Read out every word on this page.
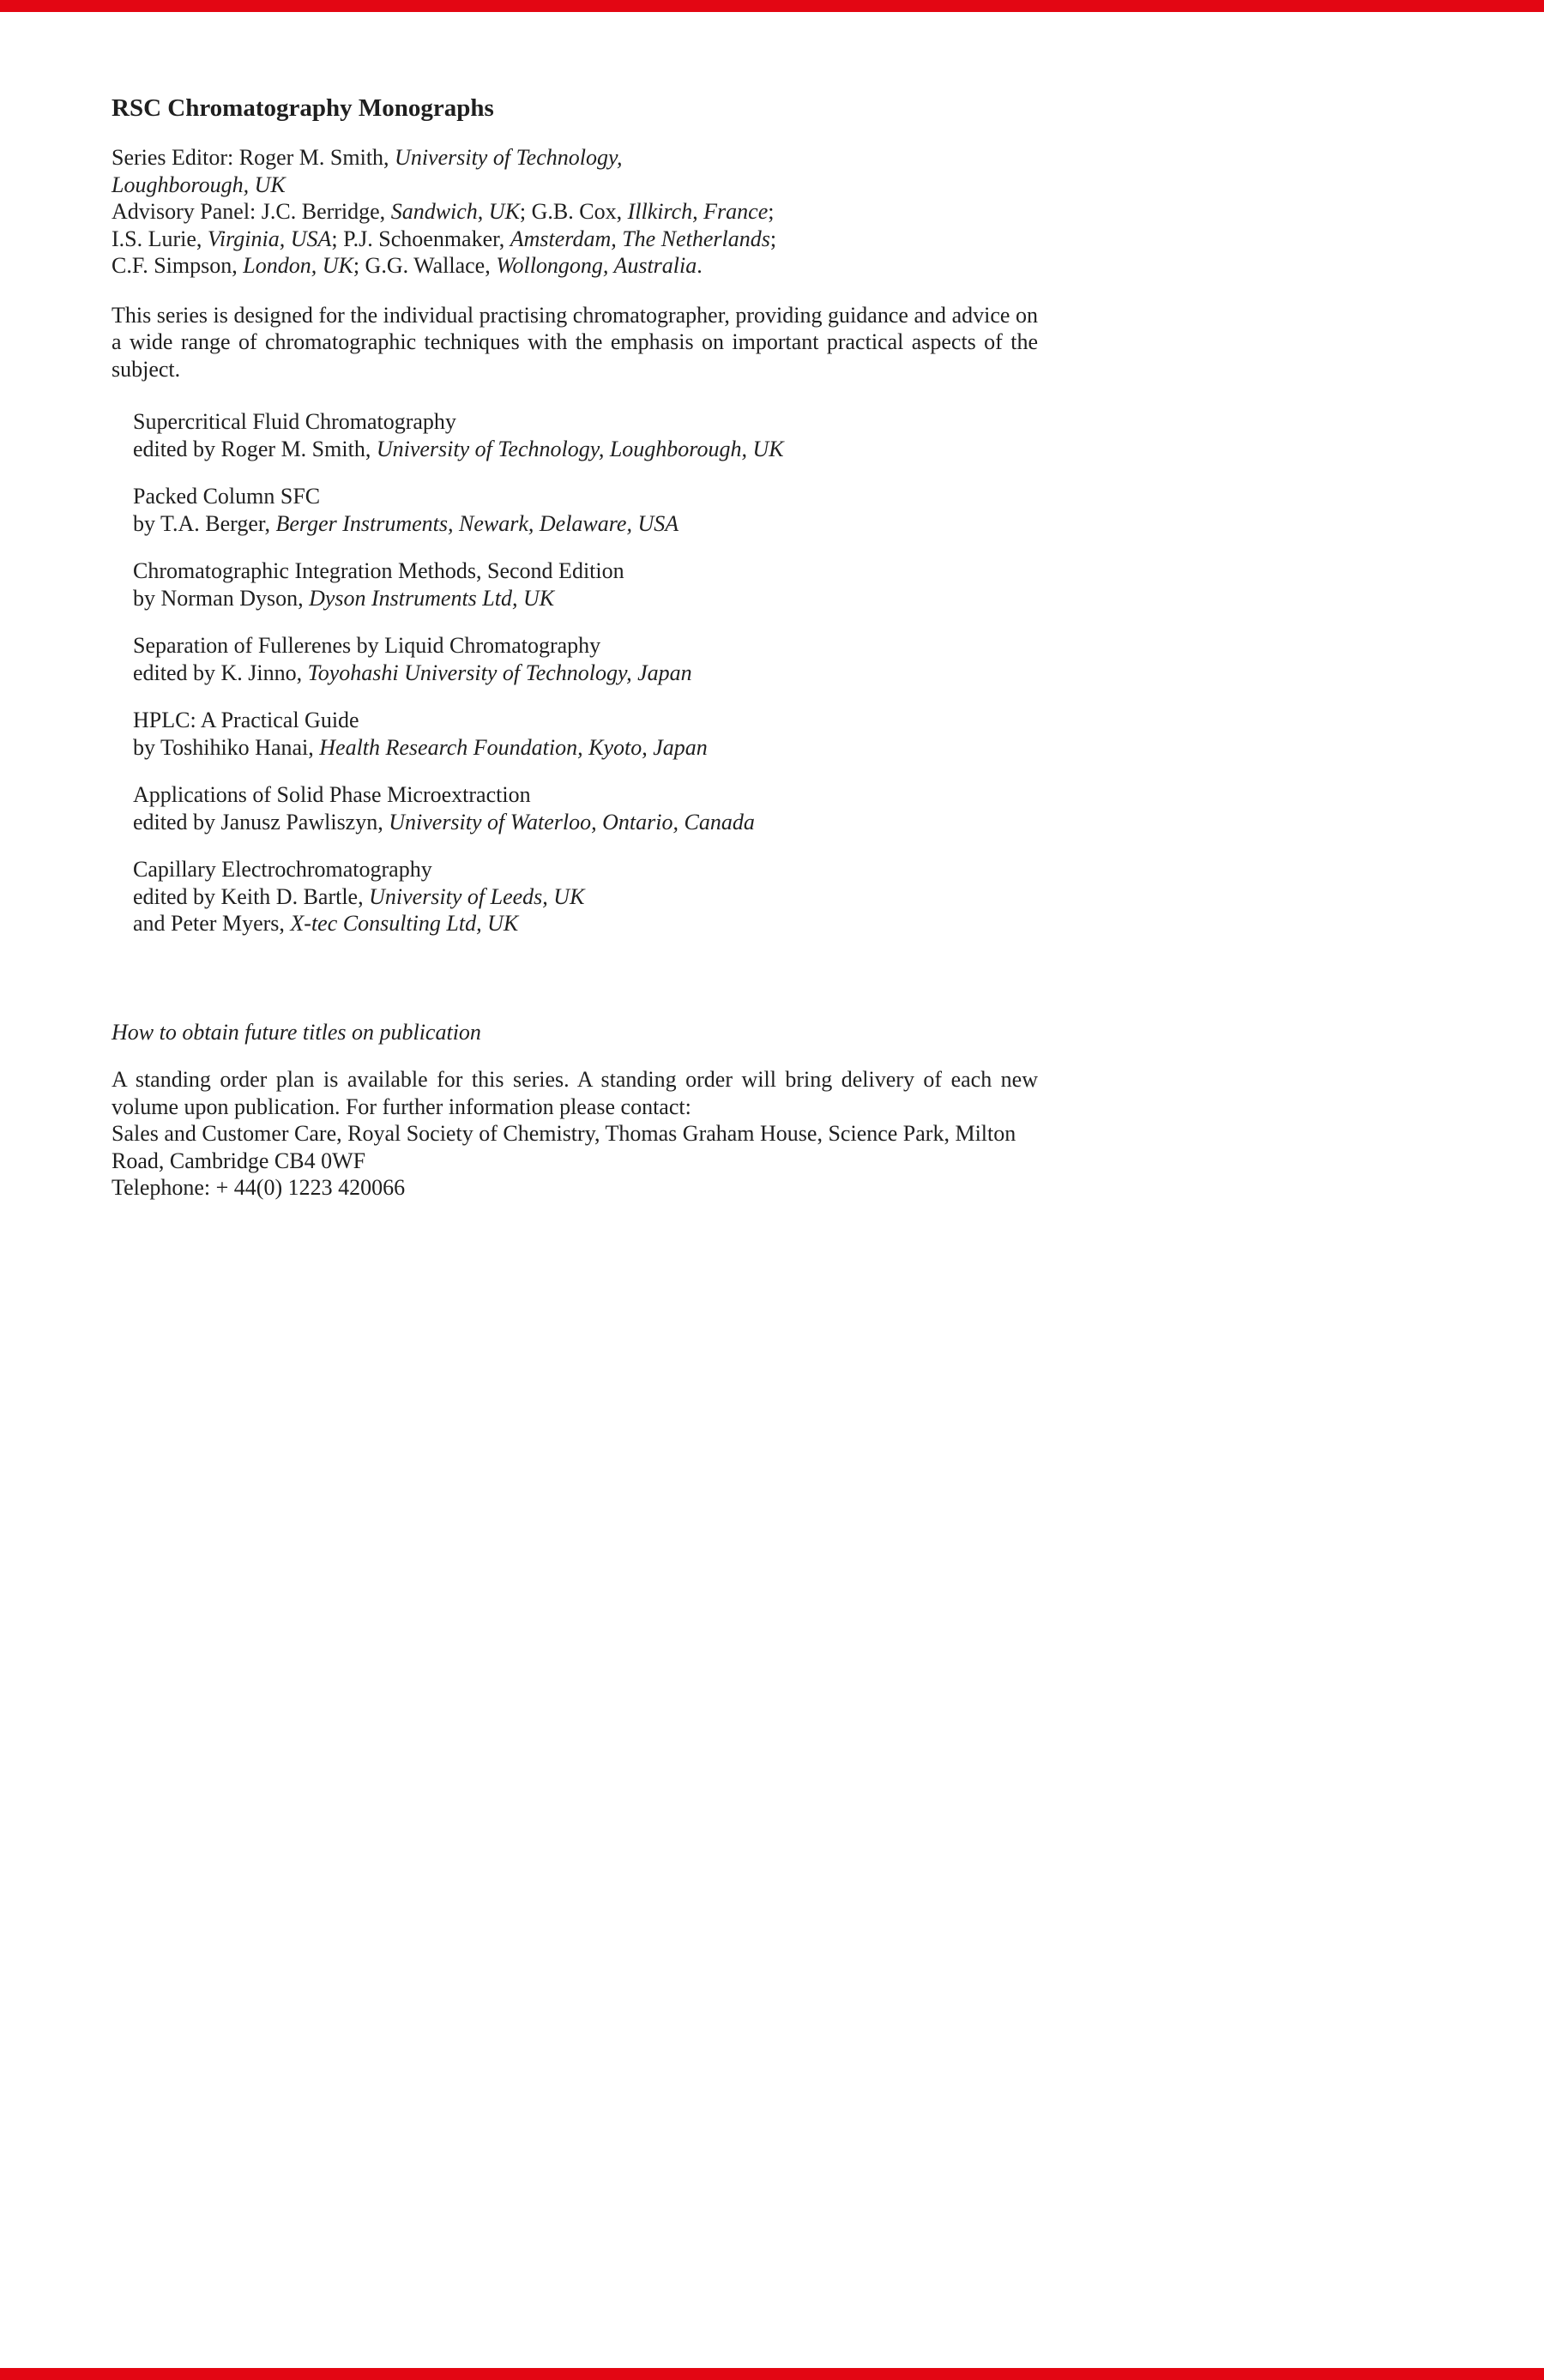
RSC Chromatography Monographs

Series Editor: Roger M. Smith, University of Technology,

Loughborough, UK

Advisory Panel: J.C. Berridge, Sandwich, UK; G.B. Cox, Illkirch, France;

I.S. Lurie, Virginia, USA; P.J. Schoenmaker, Amsterdam, The Netherlands;

C.F. Simpson, London, UK; G.G. Wallace, Wollongong, Australia.

This series is designed for the individual practising chromatographer, providing guidance and advice on a wide range of chromatographic techniques with the emphasis on important practical aspects of the subject.

Supercritical Fluid Chromatography

edited by Roger M. Smith, University of Technology, Loughborough, UK

Packed Column SFC

by T.A. Berger, Berger Instruments, Newark, Delaware, USA

Chromatographic Integration Methods, Second Edition

by Norman Dyson, Dyson Instruments Ltd, UK

Separation of Fullerenes by Liquid Chromatography

edited by K. Jinno, Toyohashi University of Technology, Japan

HPLC: A Practical Guide

by Toshihiko Hanai, Health Research Foundation, Kyoto, Japan

Applications of Solid Phase Microextraction

edited by Janusz Pawliszyn, University of Waterloo, Ontario, Canada

Capillary Electrochromatography

edited by Keith D. Bartle, University of Leeds, UK

and Peter Myers, X-tec Consulting Ltd, UK

How to obtain future titles on publication

A standing order plan is available for this series. A standing order will bring delivery of each new volume upon publication. For further information please contact:

Sales and Customer Care, Royal Society of Chemistry, Thomas Graham House, Science Park, Milton Road, Cambridge CB4 0WF

Telephone: + 44(0) 1223 420066
